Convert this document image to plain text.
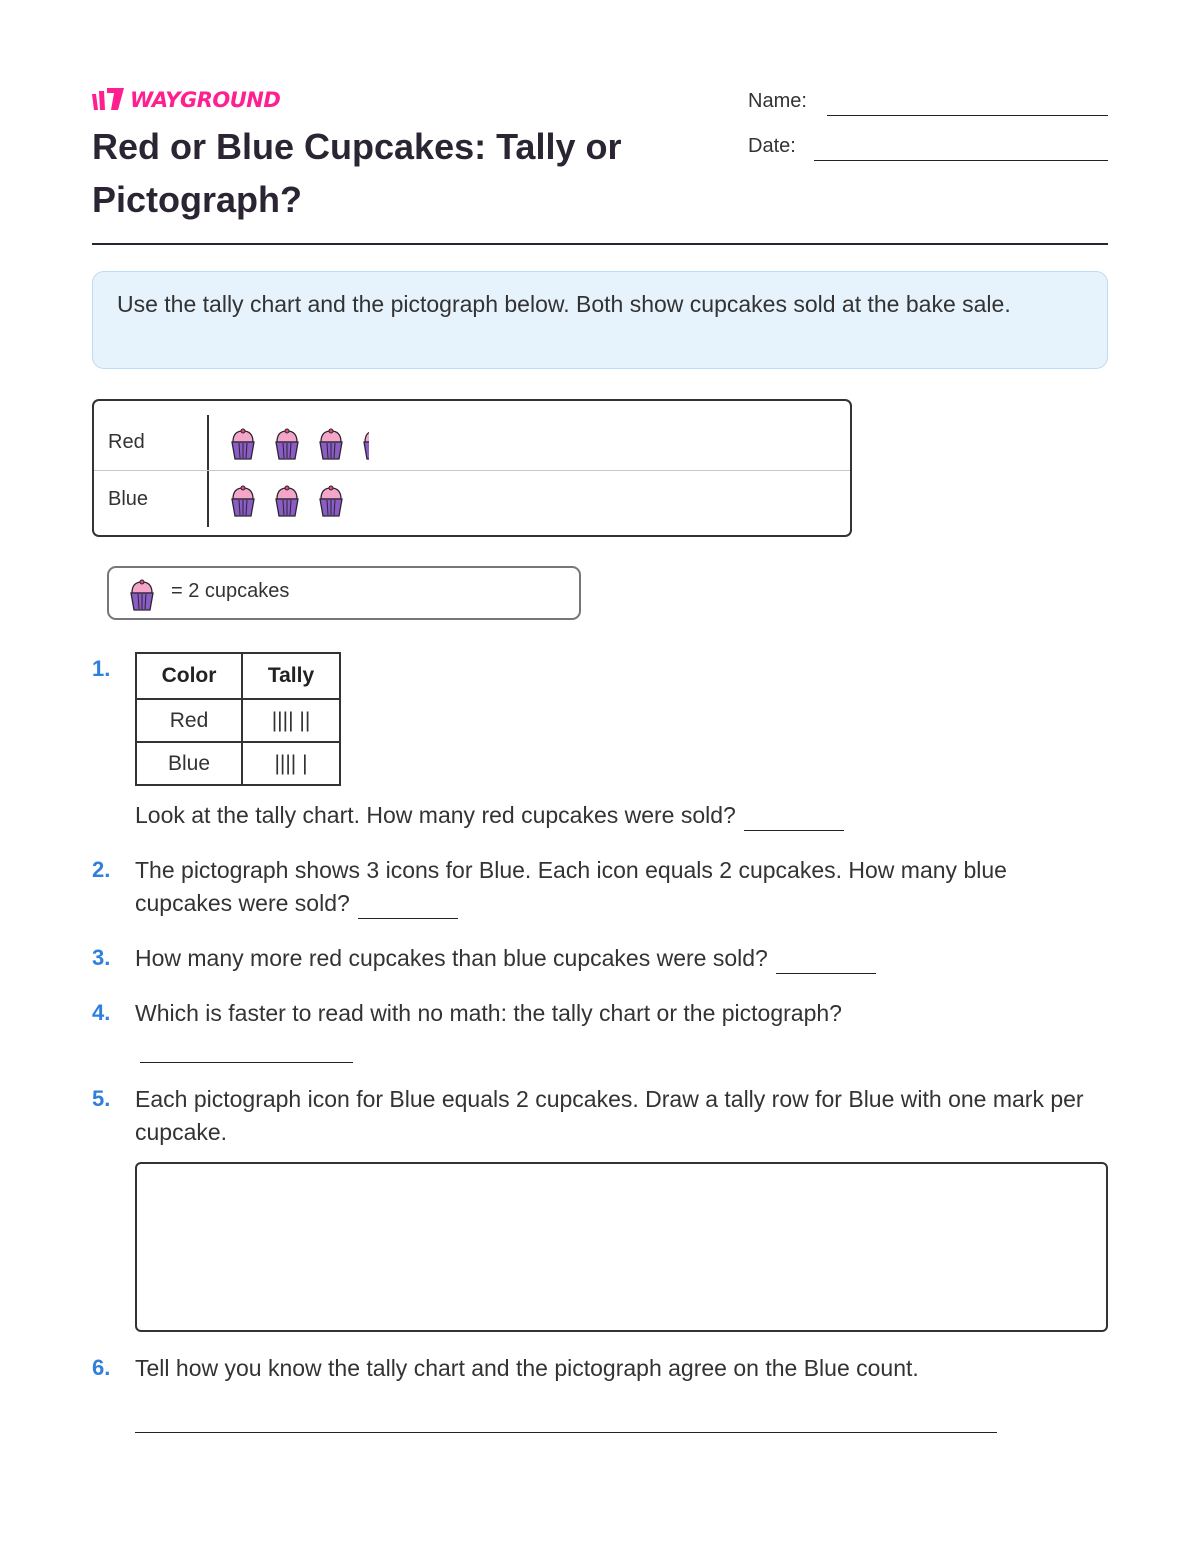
WAYGROUND
Red or Blue Cupcakes: Tally or Pictograph?
Name:
Date:
Use the tally chart and the pictograph below. Both show cupcakes sold at the bake sale.
Red
Blue
= 2 cupcakes
1. Color	Tally
Red	|||| ||
Blue	|||| |
Look at the tally chart. How many red cupcakes were sold?
2. The pictograph shows 3 icons for Blue. Each icon equals 2 cupcakes. How many blue cupcakes were sold?
3. How many more red cupcakes than blue cupcakes were sold?
4. Which is faster to read with no math: the tally chart or the pictograph?
5. Each pictograph icon for Blue equals 2 cupcakes. Draw a tally row for Blue with one mark per cupcake.
6. Tell how you know the tally chart and the pictograph agree on the Blue count.
